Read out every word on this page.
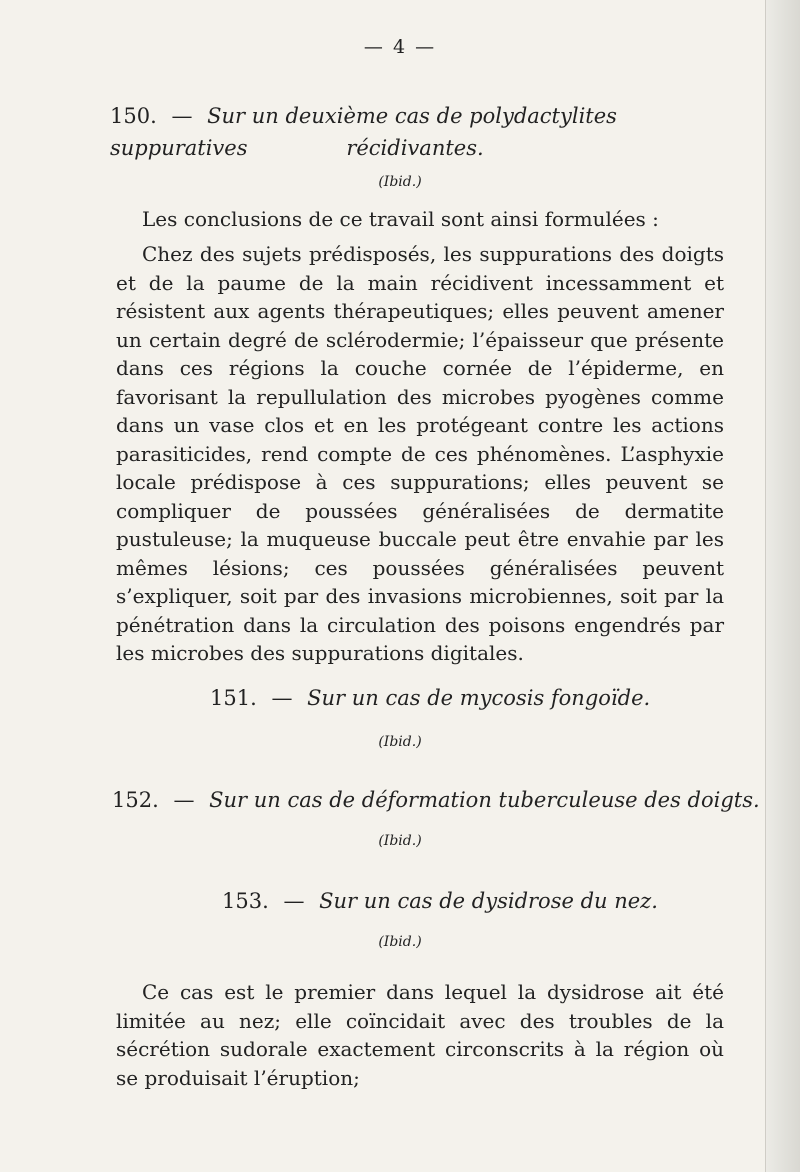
— 4 —
150. — Sur un deuxième cas de polydactylites suppuratives	récidivantes.
(Ibid.)
Les conclusions de ce travail sont ainsi formulées :
Chez des sujets prédisposés, les suppurations des doigts et de la paume de la main récidivent incessamment et résistent aux agents thérapeutiques; elles peuvent amener un certain degré de sclérodermie; l’épaisseur que présente dans ces régions la couche cornée de l’épiderme, en favorisant la repullulation des microbes pyogènes comme dans un vase clos et en les protégeant contre les actions parasiticides, rend compte de ces phénomènes. L’asphyxie locale prédispose à ces suppurations; elles peuvent se compliquer de poussées généralisées de dermatite pustuleuse; la muqueuse buccale peut être envahie par les mêmes lésions; ces poussées généralisées peuvent s’expliquer, soit par des invasions microbiennes, soit par la pénétration dans la circulation des poisons engendrés par les microbes des suppurations digitales.
151. — Sur un cas de mycosis fongoïde.
(Ibid.)
152. — Sur un cas de déformation tuberculeuse des doigts.
(Ibid.)
153. — Sur un cas de dysidrose du nez.
(Ibid.)
Ce cas est le premier dans lequel la dysidrose ait été limitée au nez; elle coïncidait avec des troubles de la sécrétion sudorale exactement circonscrits à la région où se produisait l’éruption;
